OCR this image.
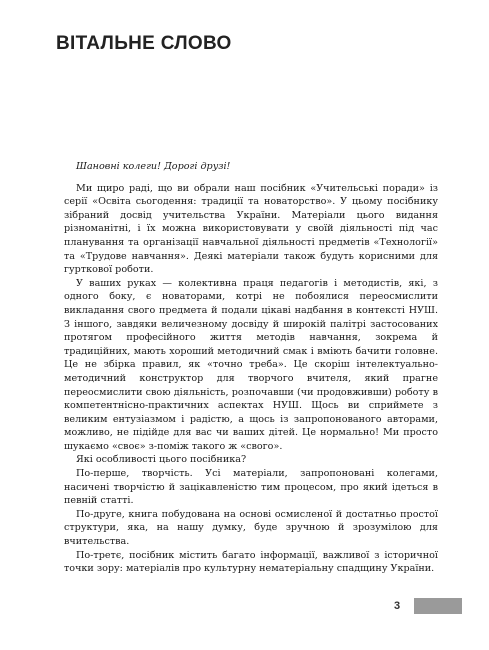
ВІТАЛЬНЕ СЛОВО

Шановні колеги! Дорогі друзі!

Ми щиро раді, що ви обрали наш посібник «Учительські поради» із серії «Освіта сьогодення: традиції та новаторство». У цьому посібнику зібраний досвід учительства України. Матеріали цього видання різноманітні, і їх можна використовувати у своїй діяльності під час планування та організації навчальної діяльності предметів «Технології» та «Трудове навчання». Деякі матеріали також будуть корисними для гурткової роботи.

У ваших руках — колективна праця педагогів і методистів, які, з одного боку, є новаторами, котрі не побоялися переосмислити викладання свого предмета й подали цікаві надбання в контексті НУШ. З іншого, завдяки величезному досвіду й широкій палітрі застосованих протягом професійного життя методів навчання, зокрема й традиційних, мають хороший методичний смак і вміють бачити головне. Це не збірка правил, як «точно треба». Це скоріш інтелектуально-методичний конструктор для творчого вчителя, який прагне переосмислити свою діяльність, розпочавши (чи продовживши) роботу в компетентнісно-практичних аспектах НУШ. Щось ви сприймете з великим ентузіазмом і радістю, а щось із запропонованого авторами, можливо, не підійде для вас чи ваших дітей. Це нормально! Ми просто шукаємо «своє» з-поміж такого ж «свого».

Які особливості цього посібника?

По-перше, творчість. Усі матеріали, запропоновані колегами, насичені творчістю й зацікавленістю тим процесом, про який ідеться в певній статті.

По-друге, книга побудована на основі осмисленої й достатньо простої структури, яка, на нашу думку, буде зручною й зрозумілою для вчительства.

По-третє, посібник містить багато інформації, важливої з історичної точки зору: матеріалів про культурну нематеріальну спадщину України.

3
